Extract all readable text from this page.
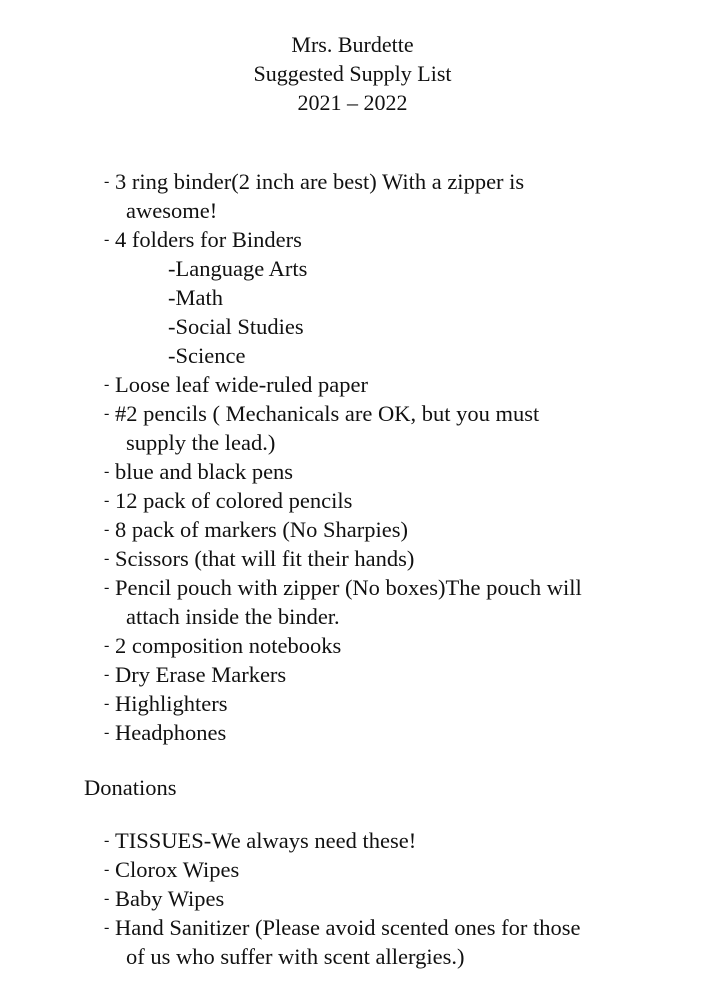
Mrs. Burdette
Suggested Supply List
2021 – 2022
- 3 ring binder(2 inch are best) With a zipper is
awesome!
- 4 folders for Binders
-Language Arts
-Math
-Social Studies
-Science
- Loose leaf wide-ruled paper
- #2 pencils ( Mechanicals are OK, but you must
supply the lead.)
- blue and black pens
- 12 pack of colored pencils
- 8 pack of markers (No Sharpies)
- Scissors (that will fit their hands)
- Pencil pouch with zipper (No boxes)The pouch will
attach inside the binder.
- 2 composition notebooks
- Dry Erase Markers
- Highlighters
- Headphones
Donations
- TISSUES-We always need these!
- Clorox Wipes
- Baby Wipes
- Hand Sanitizer (Please avoid scented ones for those
of us who suffer with scent allergies.)
